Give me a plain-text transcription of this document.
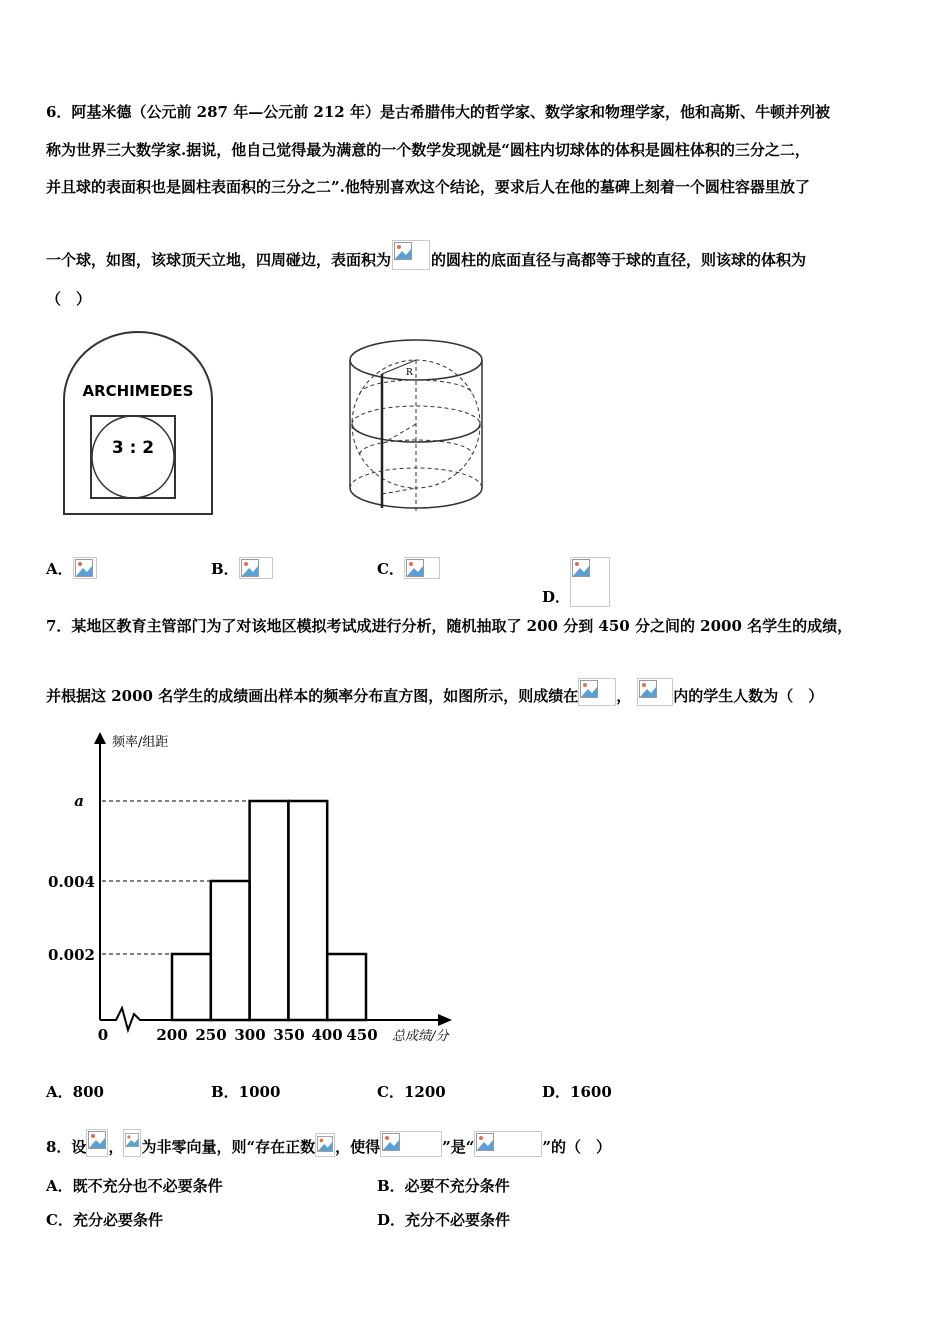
6．阿基米德（公元前 287 年—公元前 212 年）是古希腊伟大的哲学家、数学家和物理学家，他和高斯、牛顿并列被
称为世界三大数学家.据说，他自己觉得最为满意的一个数学发现就是“圆柱内切球体的体积是圆柱体积的三分之二，
并且球的表面积也是圆柱表面积的三分之二”.他特别喜欢这个结论，要求后人在他的墓碑上刻着一个圆柱容器里放了
一个球，如图，该球顶天立地，四周碰边，表面积为	的圆柱的底面直径与高都等于球的直径，则该球的体积为
（　）
ARCHIMEDES
3 : 2
R
A．	B．	C．
D．
7．某地区教育主管部门为了对该地区模拟考试成进行分析，随机抽取了 200 分到 450 分之间的 2000 名学生的成绩，
并根据这 2000 名学生的成绩画出样本的频率分布直方图，如图所示，则成绩在	，	内的学生人数为（　）
频率/组距
总成绩/分
a
0.004
0.002
0	200 250 300 350 400 450
A．800	B．1000	C．1200	D．1600
8．设 ， 为非零向量，则“存在正数 ，使得	”是“	”的（　）
A．既不充分也不必要条件	B．必要不充分条件
C．充分必要条件	D．充分不必要条件
